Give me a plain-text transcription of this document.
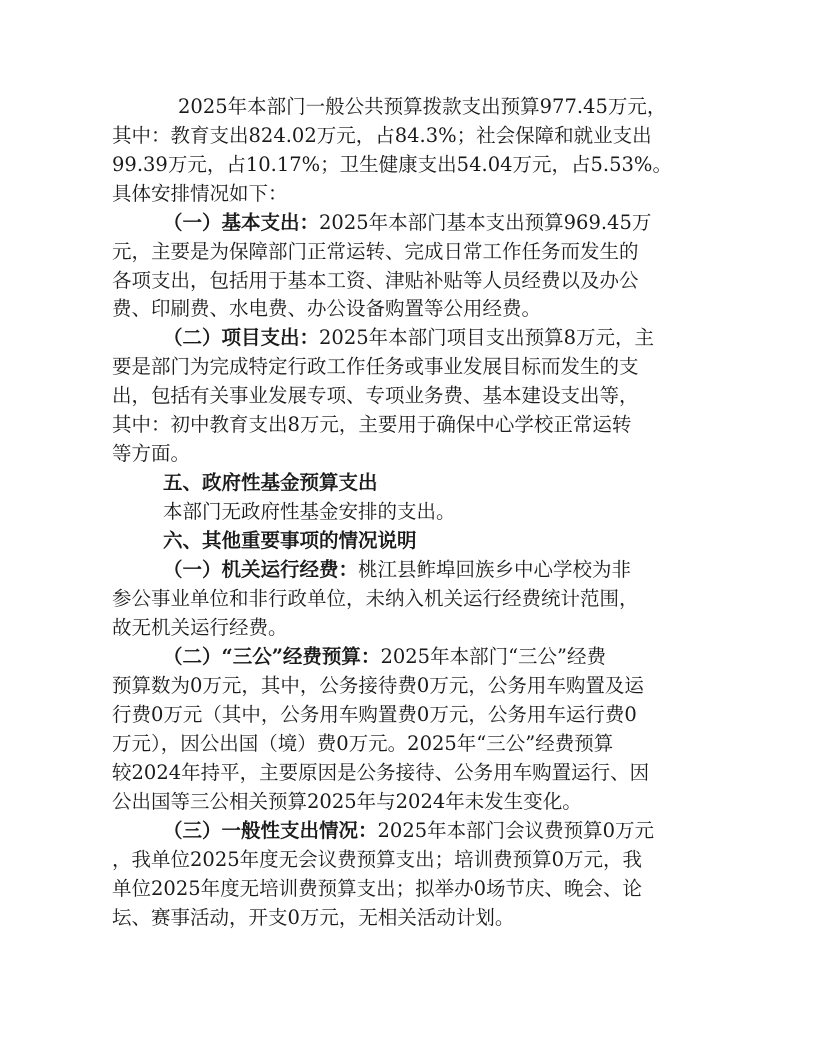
2025年本部门一般公共预算拨款支出预算977.45万元，
其中：教育支出824.02万元，占84.3%；社会保障和就业支出
99.39万元，占10.17%；卫生健康支出54.04万元，占5.53%。
具体安排情况如下：
（一）基本支出：2025年本部门基本支出预算969.45万
元，主要是为保障部门正常运转、完成日常工作任务而发生的
各项支出，包括用于基本工资、津贴补贴等人员经费以及办公
费、印刷费、水电费、办公设备购置等公用经费。
（二）项目支出：2025年本部门项目支出预算8万元，主
要是部门为完成特定行政工作任务或事业发展目标而发生的支
出，包括有关事业发展专项、专项业务费、基本建设支出等，
其中：初中教育支出8万元，主要用于确保中心学校正常运转
等方面。
五、政府性基金预算支出
本部门无政府性基金安排的支出。
六、其他重要事项的情况说明
（一）机关运行经费：桃江县鲊埠回族乡中心学校为非
参公事业单位和非行政单位，未纳入机关运行经费统计范围，
故无机关运行经费。
（二）“三公”经费预算：2025年本部门“三公”经费
预算数为0万元，其中，公务接待费0万元，公务用车购置及运
行费0万元（其中，公务用车购置费0万元，公务用车运行费0
万元），因公出国（境）费0万元。2025年“三公”经费预算
较2024年持平，主要原因是公务接待、公务用车购置运行、因
公出国等三公相关预算2025年与2024年未发生变化。
（三）一般性支出情况：2025年本部门会议费预算0万元
，我单位2025年度无会议费预算支出；培训费预算0万元，我
单位2025年度无培训费预算支出；拟举办0场节庆、晚会、论
坛、赛事活动，开支0万元，无相关活动计划。
